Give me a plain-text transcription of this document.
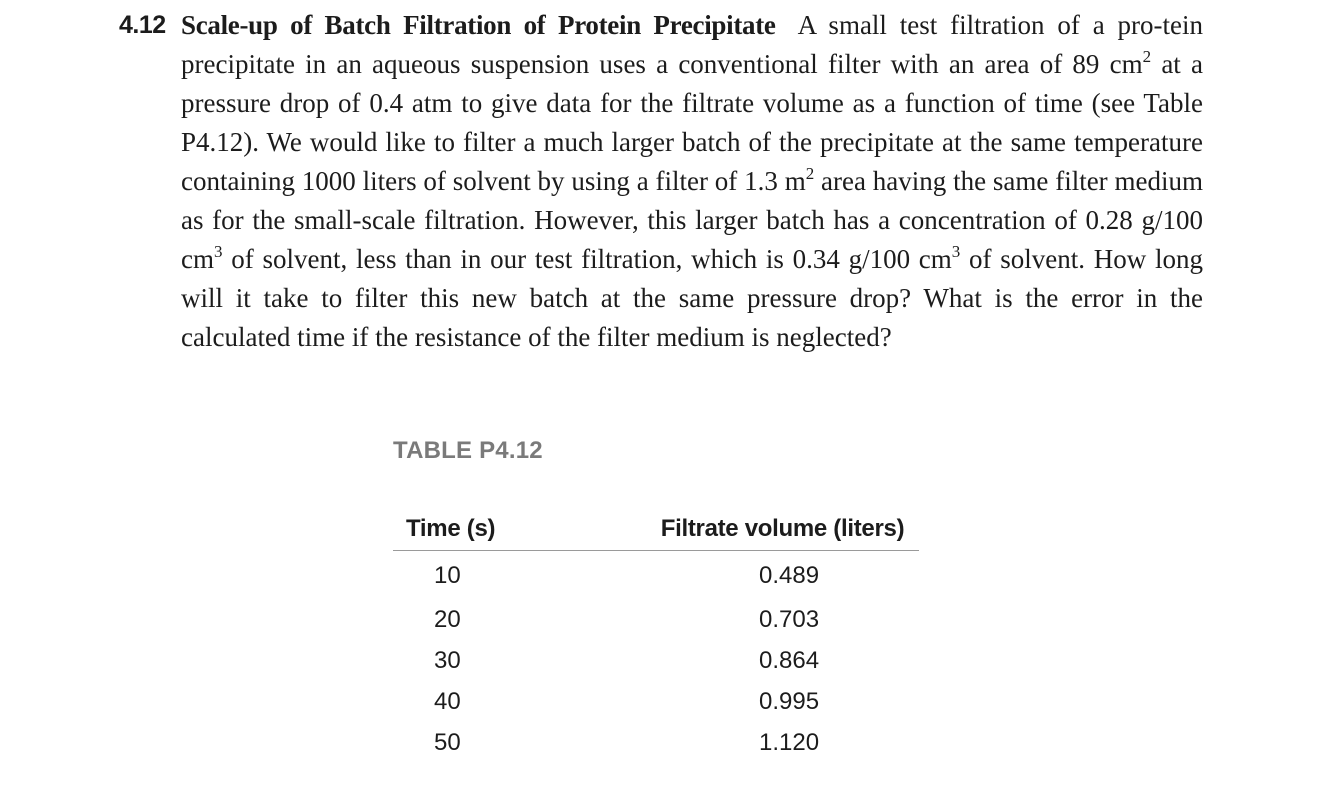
4.12 Scale-up of Batch Filtration of Protein Precipitate A small test filtration of a pro-tein precipitate in an aqueous suspension uses a conventional filter with an area of 89 $cm^2$ at a pressure drop of 0.4 atm to give data for the filtrate volume as a function of time (see Table P4.12). We would like to filter a much larger batch of the precipitate at the same temperature containing 1000 liters of solvent by using a filter of 1.3 $m^2$ area having the same filter medium as for the small-scale filtration. However, this larger batch has a concentration of 0.28 g/100 $cm^3$ of solvent, less than in our test filtration, which is 0.34 g/100 $cm^3$ of solvent. How long will it take to filter this new batch at the same pressure drop? What is the error in the calculated time if the resistance of the filter medium is neglected?
TABLE P4.12
Time (s)	Filtrate volume (liters)
10	0.489
20	0.703
30	0.864
40	0.995
50	1.120
